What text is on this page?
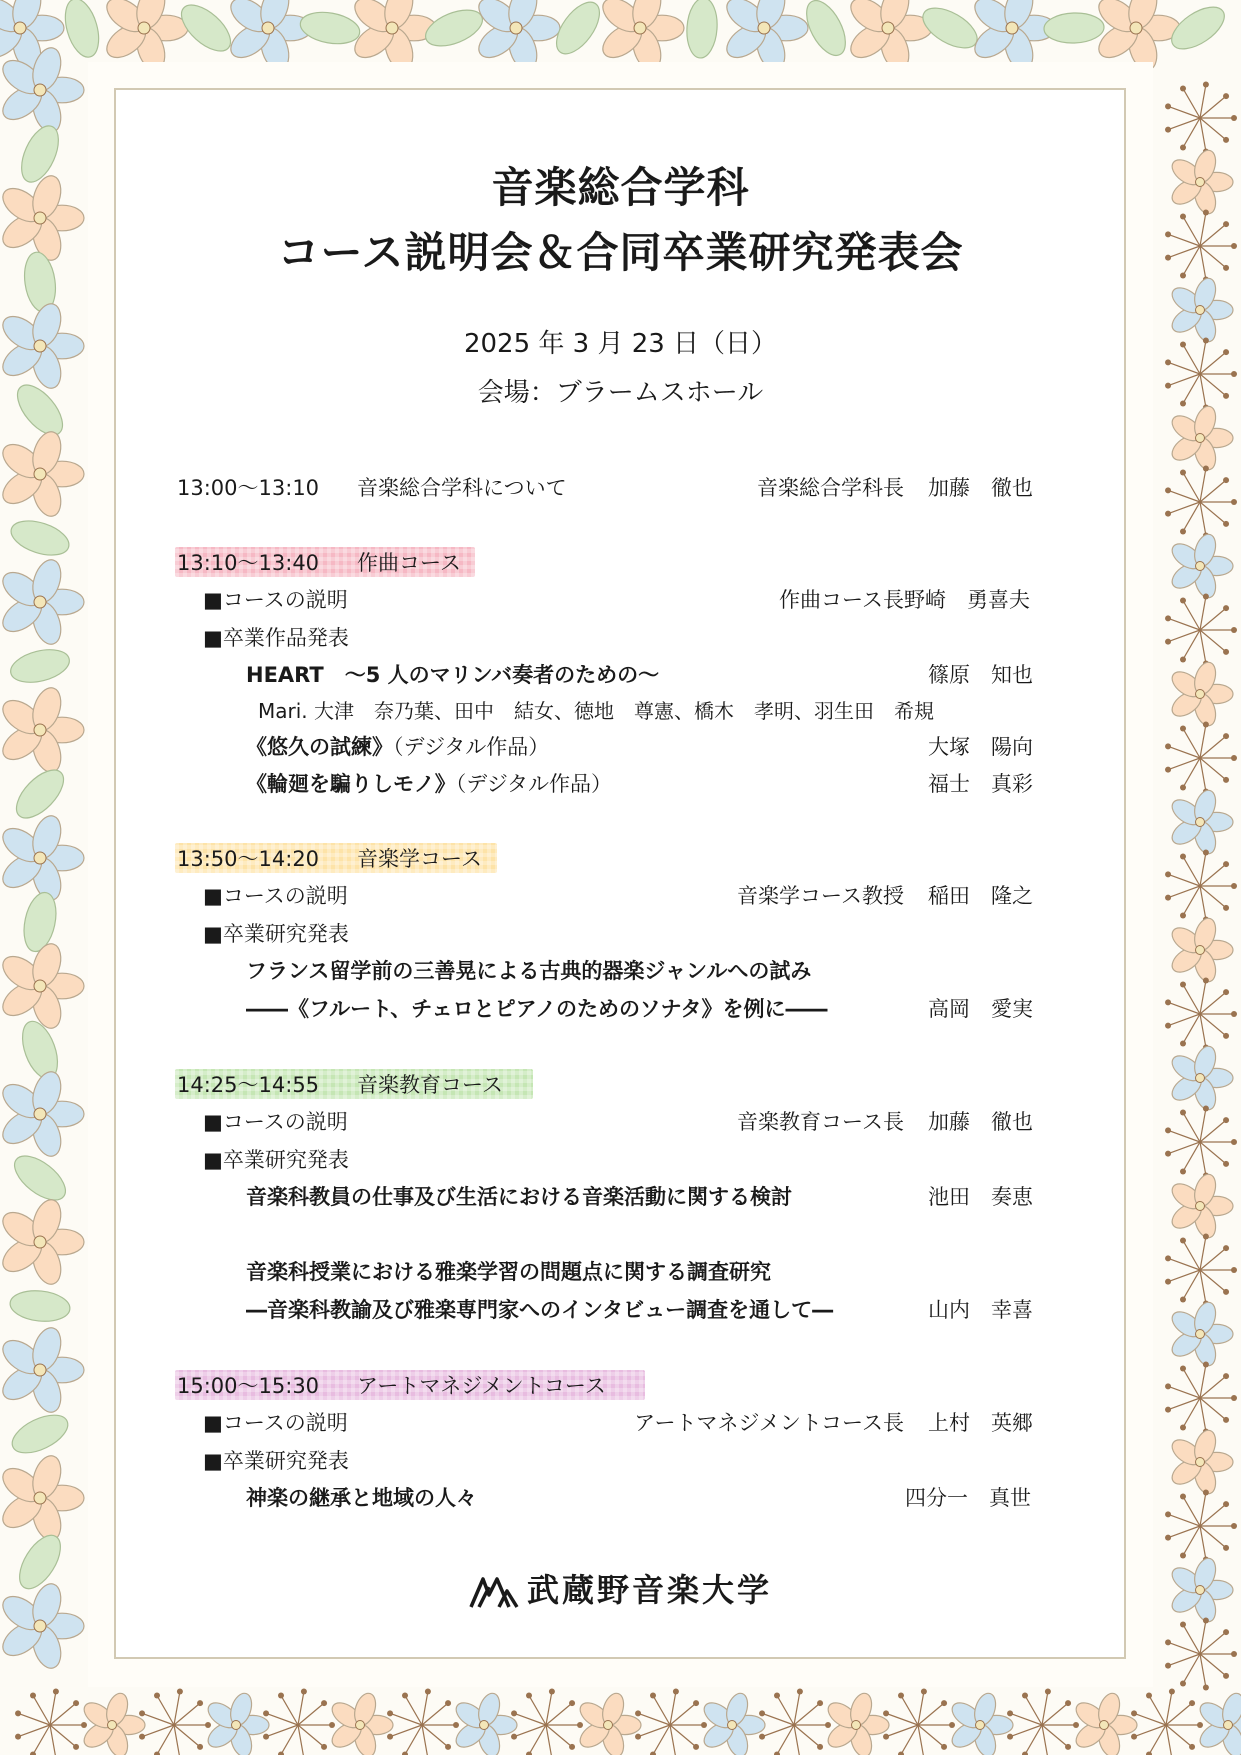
音楽総合学科
コース説明会＆合同卒業研究発表会
2025 年 3 月 23 日（日）
会場：ブラームスホール
13:00～13:10 音楽総合学科について	音楽総合学科長 加藤　徹也
13:10～13:40 作曲コース
■コースの説明	作曲コース長 野崎　勇喜夫
■卒業作品発表
HEART　～5 人のマリンバ奏者のための～	篠原　知也
Mari. 大津　奈乃葉、田中　結女、徳地　尊憲、橋木　孝明、羽生田　希規
《悠久の試練》（デジタル作品）	大塚　陽向
《輪廻を騙りしモノ》（デジタル作品）	福士　真彩
13:50～14:20 音楽学コース
■コースの説明	音楽学コース教授 稲田　隆之
■卒業研究発表
フランス留学前の三善晃による古典的器楽ジャンルへの試み
――《フルート、チェロとピアノのためのソナタ》を例に――	高岡　愛実
14:25～14:55 音楽教育コース
■コースの説明	音楽教育コース長 加藤　徹也
■卒業研究発表
音楽科教員の仕事及び生活における音楽活動に関する検討	池田　奏恵
音楽科授業における雅楽学習の問題点に関する調査研究
―音楽科教諭及び雅楽専門家へのインタビュー調査を通して―	山内　幸喜
15:00～15:30 アートマネジメントコース
■コースの説明	アートマネジメントコース長 上村　英郷
■卒業研究発表
神楽の継承と地域の人々	四分一　真世
武蔵野音楽大学
